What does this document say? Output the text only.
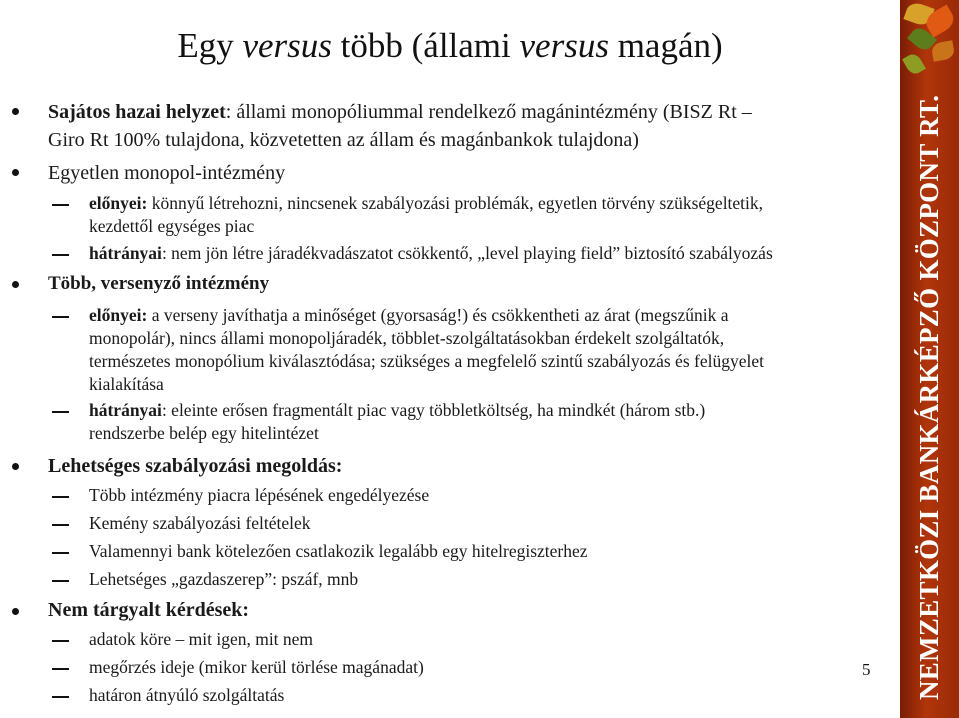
Egy versus több (állami versus magán)
Sajátos hazai helyzet: állami monopóliummal rendelkező magánintézmény (BISZ Rt –
Giro Rt 100% tulajdona, közvetetten az állam és magánbankok tulajdona)
Egyetlen monopol-intézmény
előnyei: könnyű létrehozni, nincsenek szabályozási problémák, egyetlen törvény szükségeltetik,
kezdettől egységes piac
hátrányai: nem jön létre járadékvadászatot csökkentő, „level playing field” biztosító szabályozás
Több, versenyző intézmény
előnyei: a verseny javíthatja a minőséget (gyorsaság!) és csökkentheti az árat (megszűnik a
monopolár), nincs állami monopoljáradék, többlet-szolgáltatásokban érdekelt szolgáltatók,
természetes monopólium kiválasztódása; szükséges a megfelelő szintű szabályozás és felügyelet
kialakítása
hátrányai: eleinte erősen fragmentált piac vagy többletköltség, ha mindkét (három stb.)
rendszerbe belép egy hitelintézet
Lehetséges szabályozási megoldás:
Több intézmény piacra lépésének engedélyezése
Kemény szabályozási feltételek
Valamennyi bank kötelezően csatlakozik legalább egy hitelregiszterhez
Lehetséges „gazdaszerep”: pszáf, mnb
Nem tárgyalt kérdések:
adatok köre – mit igen, mit nem
megőrzés ideje (mikor kerül törlése magánadat)
határon átnyúló szolgáltatás
5 NEMZETKÖZI BANKÁRKÉPZŐ KÖZPONT RT.
